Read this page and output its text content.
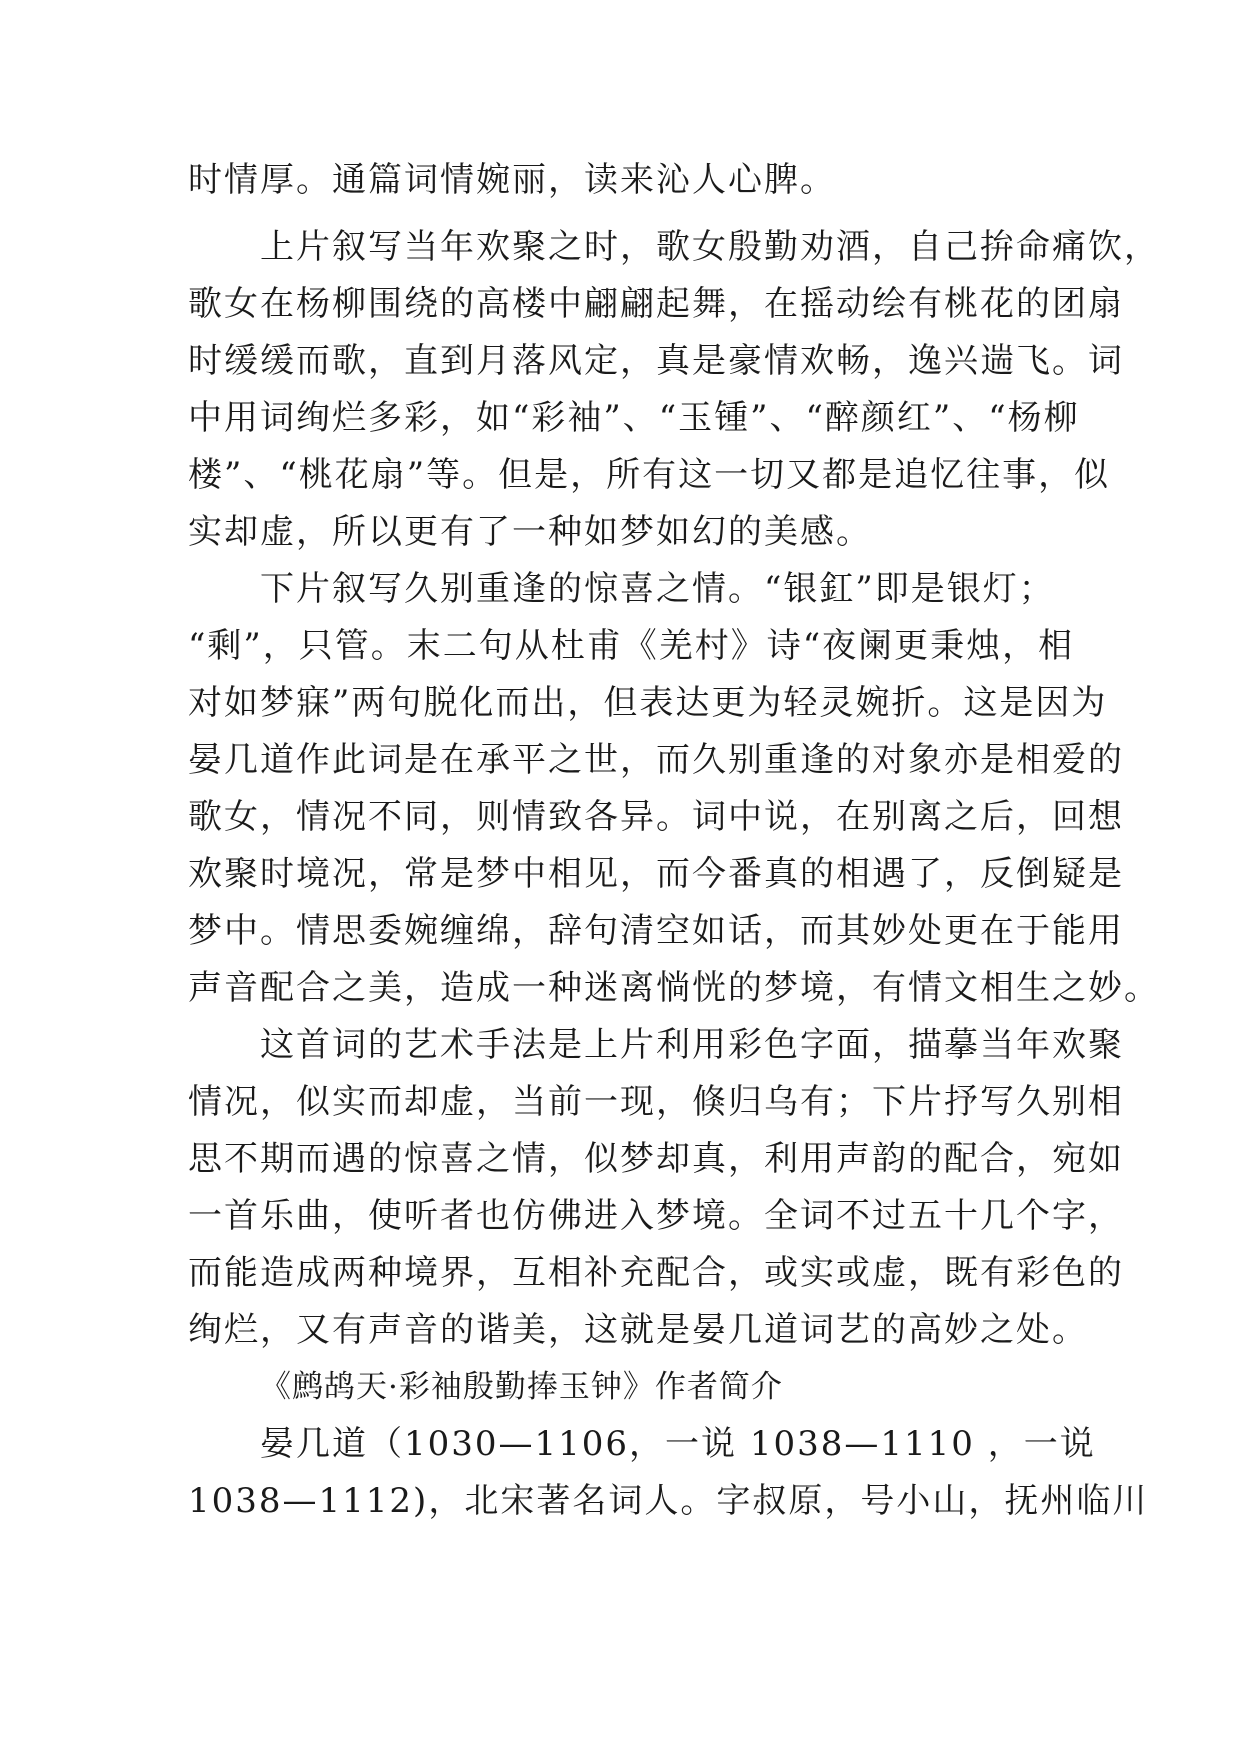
时情厚。通篇词情婉丽，读来沁人心脾。
上片叙写当年欢聚之时，歌女殷勤劝酒，自己拚命痛饮，
歌女在杨柳围绕的高楼中翩翩起舞，在摇动绘有桃花的团扇
时缓缓而歌，直到月落风定，真是豪情欢畅，逸兴遄飞。词
中用词绚烂多彩，如“彩袖”、“玉锺”、“醉颜红”、“杨柳
楼”、“桃花扇”等。但是，所有这一切又都是追忆往事，似
实却虚，所以更有了一种如梦如幻的美感。
下片叙写久别重逢的惊喜之情。“银釭”即是银灯；
“剩”，只管。末二句从杜甫《羌村》诗“夜阑更秉烛，相
对如梦寐”两句脱化而出，但表达更为轻灵婉折。这是因为
晏几道作此词是在承平之世，而久别重逢的对象亦是相爱的
歌女，情况不同，则情致各异。词中说，在别离之后，回想
欢聚时境况，常是梦中相见，而今番真的相遇了，反倒疑是
梦中。情思委婉缠绵，辞句清空如话，而其妙处更在于能用
声音配合之美，造成一种迷离惝恍的梦境，有情文相生之妙。
这首词的艺术手法是上片利用彩色字面，描摹当年欢聚
情况，似实而却虚，当前一现，倏归乌有；下片抒写久别相
思不期而遇的惊喜之情，似梦却真，利用声韵的配合，宛如
一首乐曲，使听者也仿佛进入梦境。全词不过五十几个字，
而能造成两种境界，互相补充配合，或实或虚，既有彩色的
绚烂，又有声音的谐美，这就是晏几道词艺的高妙之处。
《鹧鸪天·彩袖殷勤捧玉钟》作者简介
晏几道（1030—1106，一说 1038—1110 ，一说
1038—1112)，北宋著名词人。字叔原，号小山，抚州临川
